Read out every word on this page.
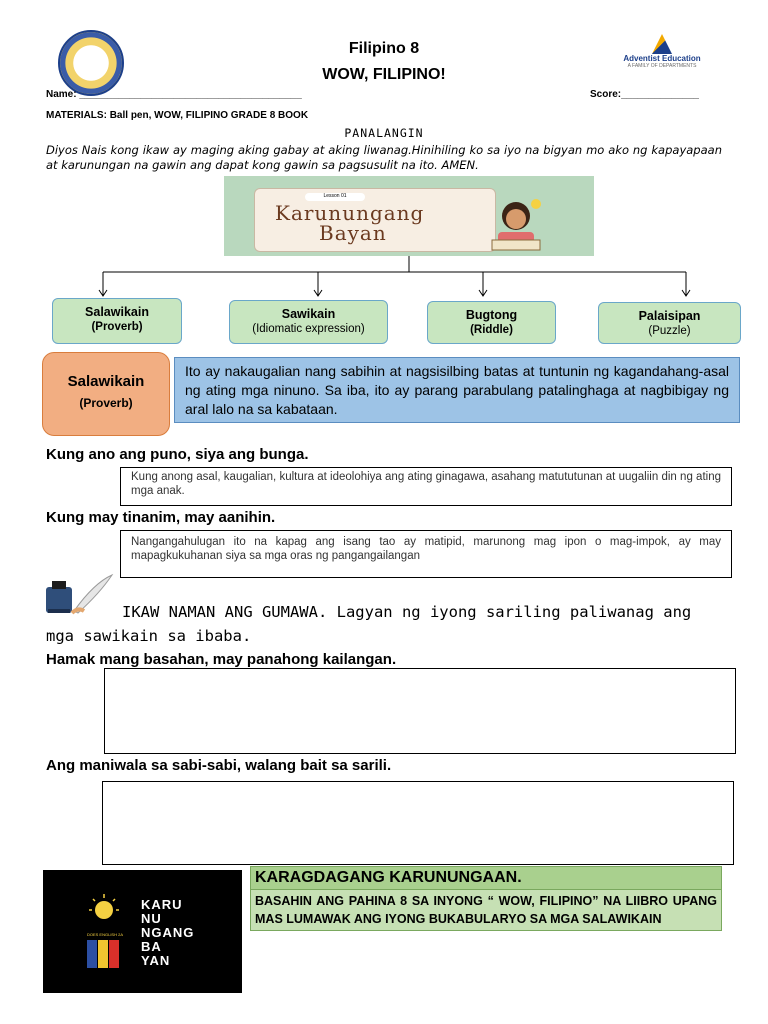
Adventist Education
A FAMILY OF DEPARTMENTS
Filipino 8
WOW, FILIPINO!
Name: ________________________________________	Score:______________
MATERIALS: Ball pen, WOW, FILIPINO GRADE 8 BOOK
PANALANGIN
Diyos Nais kong ikaw ay maging aking gabay at aking liwanag.Hinihiling ko sa iyo na bigyan mo ako ng kapayapaan at karunungan na gawin ang dapat kong gawin sa pagsusulit na ito. AMEN.
Lesson 01
Karunungang
Bayan
Salawikain
(Proverb)
Sawikain
(Idiomatic expression)
Bugtong
(Riddle)
Palaisipan
(Puzzle)
Salawikain
(Proverb)
Ito ay nakaugalian nang sabihin at nagsisilbing batas at tuntunin ng kagandahang-asal ng ating mga ninuno. Sa iba, ito ay parang parabulang patalinghaga at nagbibigay ng aral lalo na sa kabataan.
Kung ano ang puno, siya ang bunga.
Kung anong asal, kaugalian, kultura at ideolohiya ang ating ginagawa, asahang matututunan at uugaliin din ng ating mga anak.
Kung may tinanim, may aanihin.
Nangangahulugan ito na kapag ang isang tao ay matipid, marunong mag ipon o mag-impok, ay may mapagkukuhanan siya sa mga oras ng pangangailangan
IKAW NAMAN ANG GUMAWA. Lagyan ng iyong sariling paliwanag ang mga sawikain sa ibaba.
Hamak mang basahan, may panahong kailangan.
Ang maniwala sa sabi-sabi, walang bait sa sarili.
DOES ENGLISH 2A
KARU
NU
NGANG
BA
YAN
KARAGDAGANG KARUNUNGAAN.
BASAHIN ANG PAHINA 8 SA INYONG “ WOW, FILIPINO” NA LIIBRO UPANG MAS LUMAWAK ANG IYONG BUKABULARYO SA MGA SALAWIKAIN
